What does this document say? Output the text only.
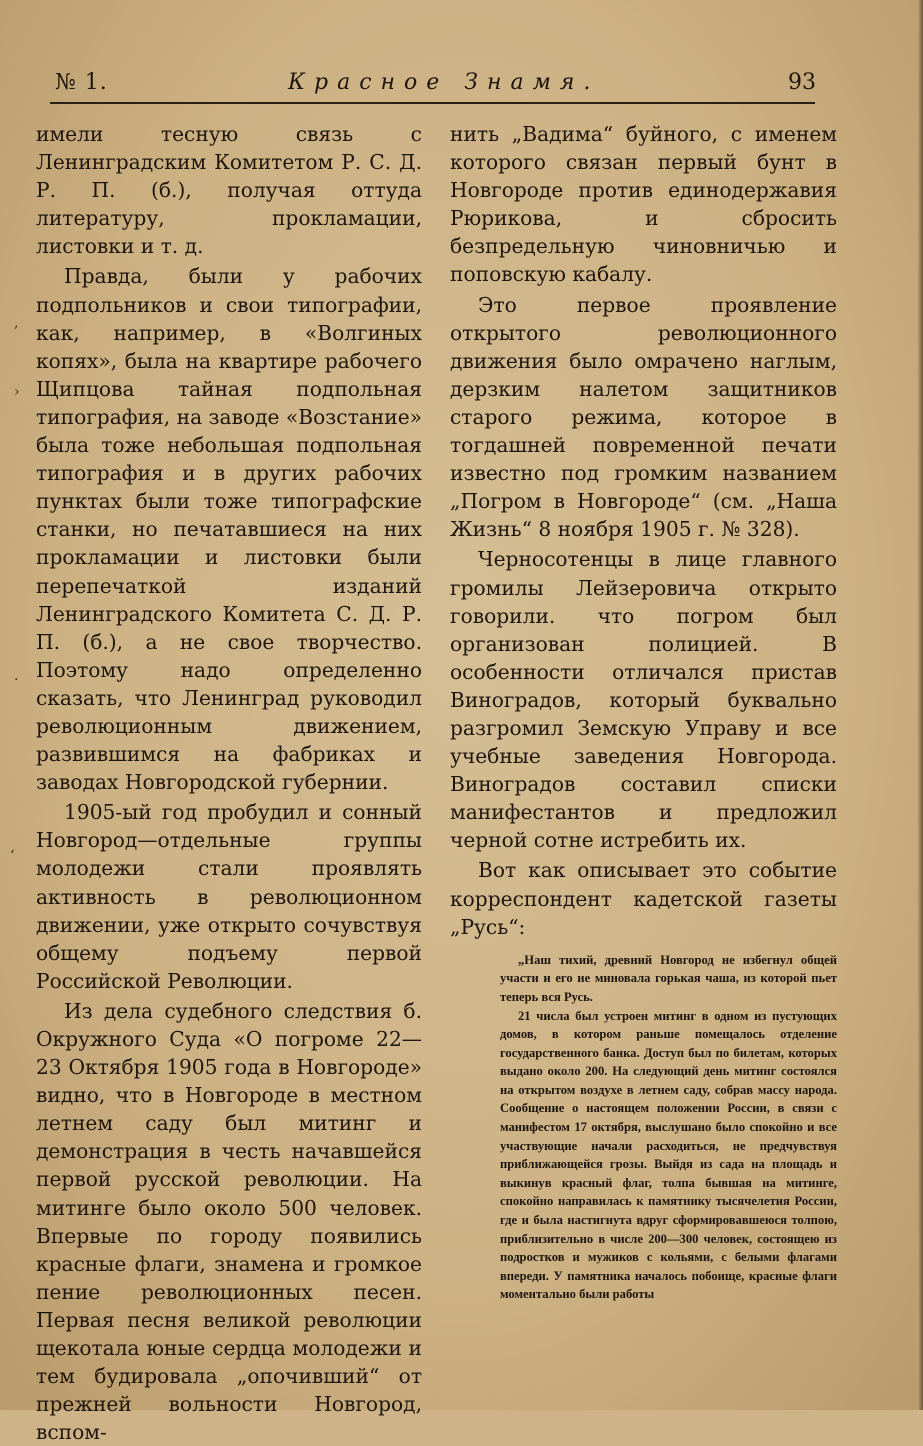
№ 1.	Красное Знамя.	93

имели тесную связь с Ленинградским Комитетом Р. С. Д. Р. П. (б.), получая оттуда литературу, прокламации, листовки и т. д.

Правда, были у рабочих подпольников и свои типографии, как, например, в «Волгиных копях», была на квартире рабочего Щипцова тайная подпольная типография, на заводе «Возстание» была тоже небольшая подпольная типография и в других рабочих пунктах были тоже типографские станки, но печатавшиеся на них прокламации и листовки были перепечаткой изданий Ленинградского Комитета С. Д. Р. П. (б.), а не свое творчество. Поэтому надо определенно сказать, что Ленинград руководил революционным движением, развившимся на фабриках и заводах Новгородской губернии.

1905-ый год пробудил и сонный Новгород—отдельные группы молодежи стали проявлять активность в революционном движении, уже открыто сочувствуя общему подъему первой Российской Революции.

Из дела судебного следствия б. Окружного Суда «О погроме 22—23 Октября 1905 года в Новгороде» видно, что в Новгороде в местном летнем саду был митинг и демонстрация в честь начавшейся первой русской революции. На митинге было около 500 человек. Впервые по городу появились красные флаги, знамена и громкое пение революционных песен. Первая песня великой революции щекотала юные сердца молодежи и тем будировала „опочивший“ от прежней вольности Новгород, вспом-

нить „Вадима“ буйного, с именем которого связан первый бунт в Новгороде против единодержавия Рюрикова, и сбросить безпредельную чиновничью и поповскую кабалу.

Это первое проявление открытого революционного движения было омрачено наглым, дерзким налетом защитников старого режима, которое в тогдашней повременной печати известно под громким названием „Погром в Новгороде“ (см. „Наша Жизнь“ 8 ноября 1905 г. № 328).

Черносотенцы в лице главного громилы Лейзеровича открыто говорили. что погром был организован полицией. В особенности отличался пристав Виноградов, который буквально разгромил Земскую Управу и все учебные заведения Новгорода. Виноградов составил списки манифестантов и предложил черной сотне истребить их.

Вот как описывает это событие корреспондент кадетской газеты „Русь“:

„Наш тихий, древний Новгород не избегнул общей участи и его не миновала горькая чаша, из которой пьет теперь вся Русь.

21 числа был устроен митинг в одном из пустующих домов, в котором раньше помещалось отделение государственного банка. Доступ был по билетам, которых выдано около 200. На следующий день митинг состоялся на открытом воздухе в летнем саду, собрав массу народа. Сообщение о настоящем положении России, в связи с манифестом 17 октября, выслушано было спокойно и все участвующие начали расходиться, не предчувствуя приближающейся грозы. Выйдя из сада на площадь и выкинув красный флаг, толпа бывшая на митинге, спокойно направилась к памятнику тысячелетия России, где и была настигнута вдруг сформировавшеюся толпою, приблизительно в числе 200—300 человек, состоящею из подростков и мужиков с кольями, с белыми флагами впереди. У памятника началось побоище, красные флаги моментально были работы

,
›
·
‘
